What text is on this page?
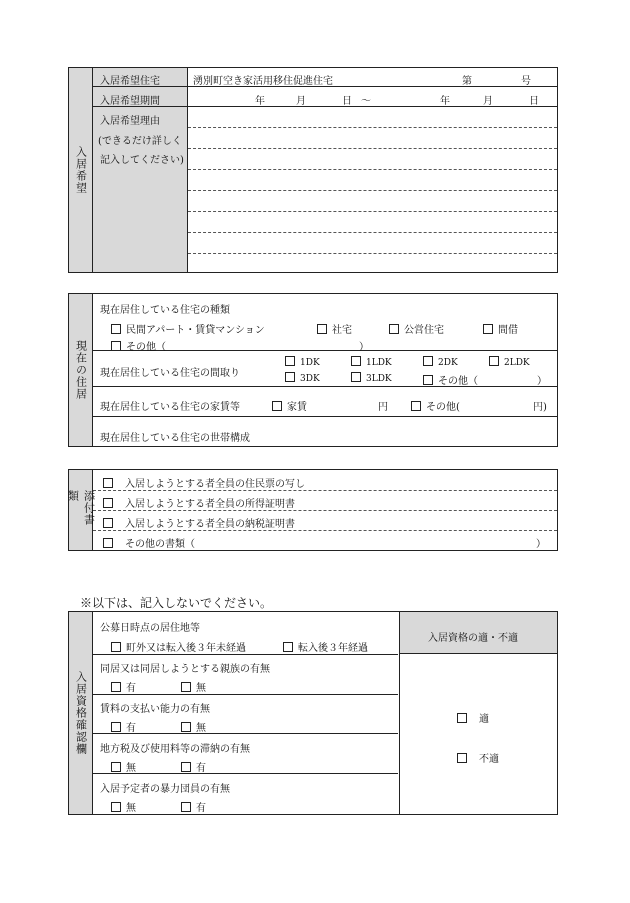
入居希望
入居希望住宅	湧別町空き家活用移住促進住宅	第	号
入居希望期間	年	月	日 ～	年	月	日
入居希望理由
(できるだけ詳しく
記入してください)
現在の住居
現在居住している住宅の種類
民間アパート・賃貸マンション	社宅	公営住宅	間借
その他（	）
現在居住している住宅の間取り
1DK	1LDK	2DK	2LDK
3DK	3LDK	その他（	）
現在居住している住宅の家賃等	家賃	円	その他(	円)
現在居住している住宅の世帯構成
添付書類
入居しようとする者全員の住民票の写し
入居しようとする者全員の所得証明書
入居しようとする者全員の納税証明書
その他の書類（	）
※以下は、記入しないでください。
入居資格確認欄
入居資格の適・不適
公募日時点の居住地等
町外又は転入後３年未経過	転入後３年経過
同居又は同居しようとする親族の有無
有	無
賃料の支払い能力の有無
有	無
地方税及び使用料等の滞納の有無
無	有
入居予定者の暴力団員の有無
無	有
適
不適
